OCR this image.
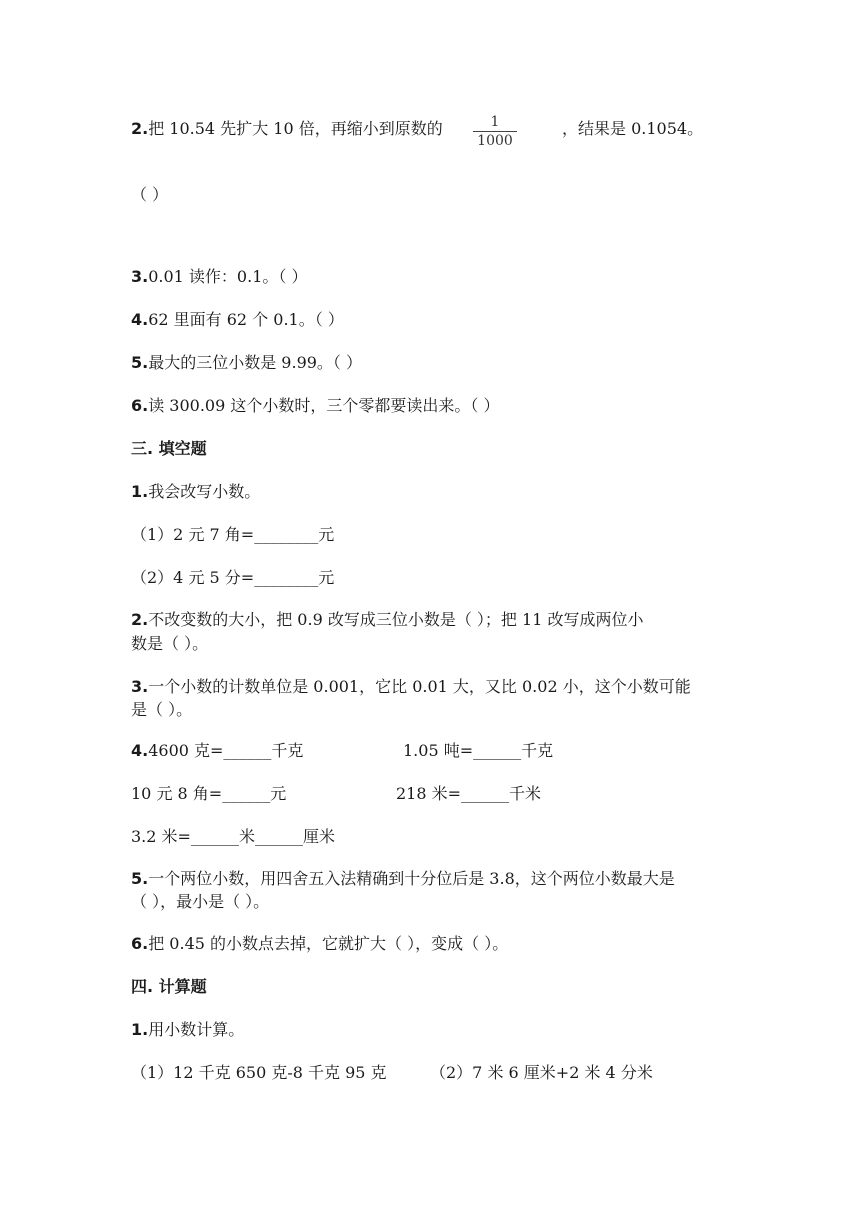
2.把 10.54 先扩大 10 倍，再缩小到原数的	1
1000
，结果是 0.1054。
（ ）
3.0.01 读作：0.1。（ ）
4.62 里面有 62 个 0.1。（ ）
5.最大的三位小数是 9.99。（ ）
6.读 300.09 这个小数时，三个零都要读出来。（ ）
三. 填空题
1.我会改写小数。
（1）2 元 7 角=________元
（2）4 元 5 分=________元
2.不改变数的大小，把 0.9 改写成三位小数是（ ）；把 11 改写成两位小
数是（ ）。
3.一个小数的计数单位是 0.001，它比 0.01 大，又比 0.02 小，这个小数可能
是（ ）。
4.4600 克=______千克	1.05 吨=______千克
10 元 8 角=______元	218 米=______千米
3.2 米=______米______厘米
5.一个两位小数，用四舍五入法精确到十分位后是 3.8，这个两位小数最大是
（ ），最小是（ ）。
6.把 0.45 的小数点去掉，它就扩大（ ），变成（ ）。
四. 计算题
1.用小数计算。
（1）12 千克 650 克-8 千克 95 克	（2）7 米 6 厘米+2 米 4 分米
